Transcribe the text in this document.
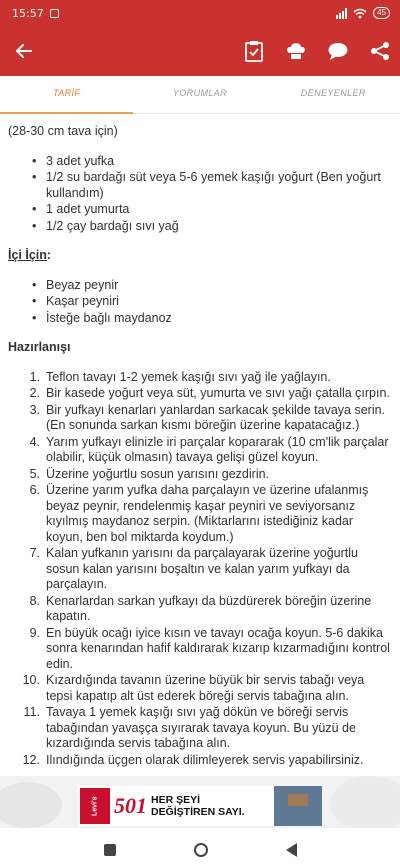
15:57	45
TARİF	YORUMLAR	DENEYENLER

(28-30 cm tava için)

• 3 adet yufka
• 1/2 su bardağı süt veya 5-6 yemek kaşığı yoğurt (Ben yoğurt kullandım)
• 1 adet yumurta
• 1/2 çay bardağı sıvı yağ

İçi İçin:

• Beyaz peynir
• Kaşar peyniri
• İsteğe bağlı maydanoz

Hazırlanışı

1. Teflon tavayı 1-2 yemek kaşığı sıvı yağ ile yağlayın.
2. Bir kasede yoğurt veya süt, yumurta ve sıvı yağı çatalla çırpın.
3. Bir yufkayı kenarları yanlardan sarkacak şekilde tavaya serin. (En sonunda sarkan kısmı böreğin üzerine kapatacağız.)
4. Yarım yufkayı elinizle iri parçalar kopararak (10 cm'lik parçalar olabilir, küçük olmasın) tavaya gelişi güzel koyun.
5. Üzerine yoğurtlu sosun yarısını gezdirin.
6. Üzerine yarım yufka daha parçalayın ve üzerine ufalanmış beyaz peynir, rendelenmiş kaşar peyniri ve seviyorsanız kıyılmış maydanoz serpin. (Miktarlarını istediğiniz kadar koyun, ben bol miktarda koydum.)
7. Kalan yufkanın yarısını da parçalayarak üzerine yoğurtlu sosun kalan yarısını boşaltın ve kalan yarım yufkayı da parçalayın.
8. Kenarlardan sarkan yufkayı da büzdürerek böreğin üzerine kapatın.
9. En büyük ocağı iyice kısın ve tavayı ocağa koyun. 5-6 dakika sonra kenarından hafif kaldırarak kızarıp kızarmadığını kontrol edin.
10. Kızardığında tavanın üzerine büyük bir servis tabağı veya tepsi kapatıp alt üst ederek böreği servis tabağına alın.
11. Tavaya 1 yemek kaşığı sıvı yağ dökün ve böreği servis tabağından yavaşça sıyırarak tavaya koyun. Bu yüzü de kızardığında servis tabağına alın.
12. Ilındığında üçgen olarak dilimleyerek servis yapabilirsiniz.
Levi's 501 HER ŞEYİ
DEĞİŞTİREN SAYI.
